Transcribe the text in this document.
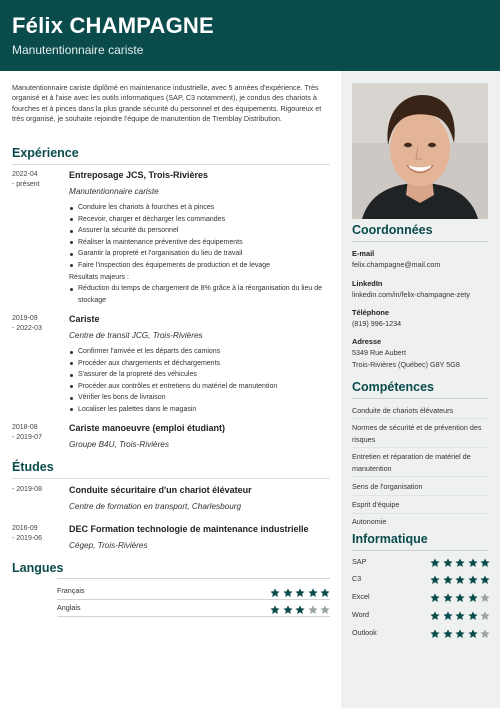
Félix CHAMPAGNE
Manutentionnaire cariste
Manutentionnaire cariste diplômé en maintenance industrielle, avec 5 années d'expérience. Très organisé et à l'aise avec les outils informatiques (SAP, C3 notamment), je condus des chariots à fourches et à pinces dans la plus grande sécurité du personnel et des équipements. Rigoureux et très organisé, je souhaite rejoindre l'équipe de manutention de Tremblay Distribution.
Expérience
2022-04
- présent
Entreposage JCS, Trois-Rivières
Manutentionnaire cariste
Conduire les chariots à fourches et à pinces
Recevoir, charger et décharger les commandes
Assurer la sécurité du personnel
Réaliser la maintenance préventive des équipements
Garantir la propreté et l'organisation du lieu de travail
Faire l'inspection des équipements de production et de levage
Résultats majeurs :
Réduction du temps de chargement de 8% grâce à la réorganisation du lieu de stockage
2019-09
- 2022-03
Cariste
Centre de transit JCG, Trois-Rivières
Confirmer l'arrivée et les départs des camions
Procéder aux chargements et déchargements
S'assurer de la propreté des véhicules
Procéder aux contrôles et entretiens du matériel de manutention
Vérifier les bons de livraison
Localiser les palettes dans le magasin
2018-08
- 2019-07
Cariste manoeuvre (emploi étudiant)
Groupe B4U, Trois-Rivières
Études
- 2019-08	Conduite sécuritaire d'un chariot élévateur
Centre de formation en transport, Charlesbourg
2016-09
- 2019-06
DEC Formation technologie de maintenance industrielle
Cégep, Trois-Rivières
Langues
Français
Anglais
Coordonnées
E-mail
felix.champagne@mail.com
LinkedIn
linkedin.com/in/felix-champagne-zety
Téléphone
(819) 996-1234
Adresse
5349 Rue Aubert
Trois-Rivières (Québec) G8Y 5G8
Compétences
Conduite de chariots élévateurs
Normes de sécurité et de prévention des risques
Entretien et réparation de matériel de manutention
Sens de l'organisation
Esprit d'équipe
Autonomie
Informatique
SAP
C3
Excel
Word
Outlook
